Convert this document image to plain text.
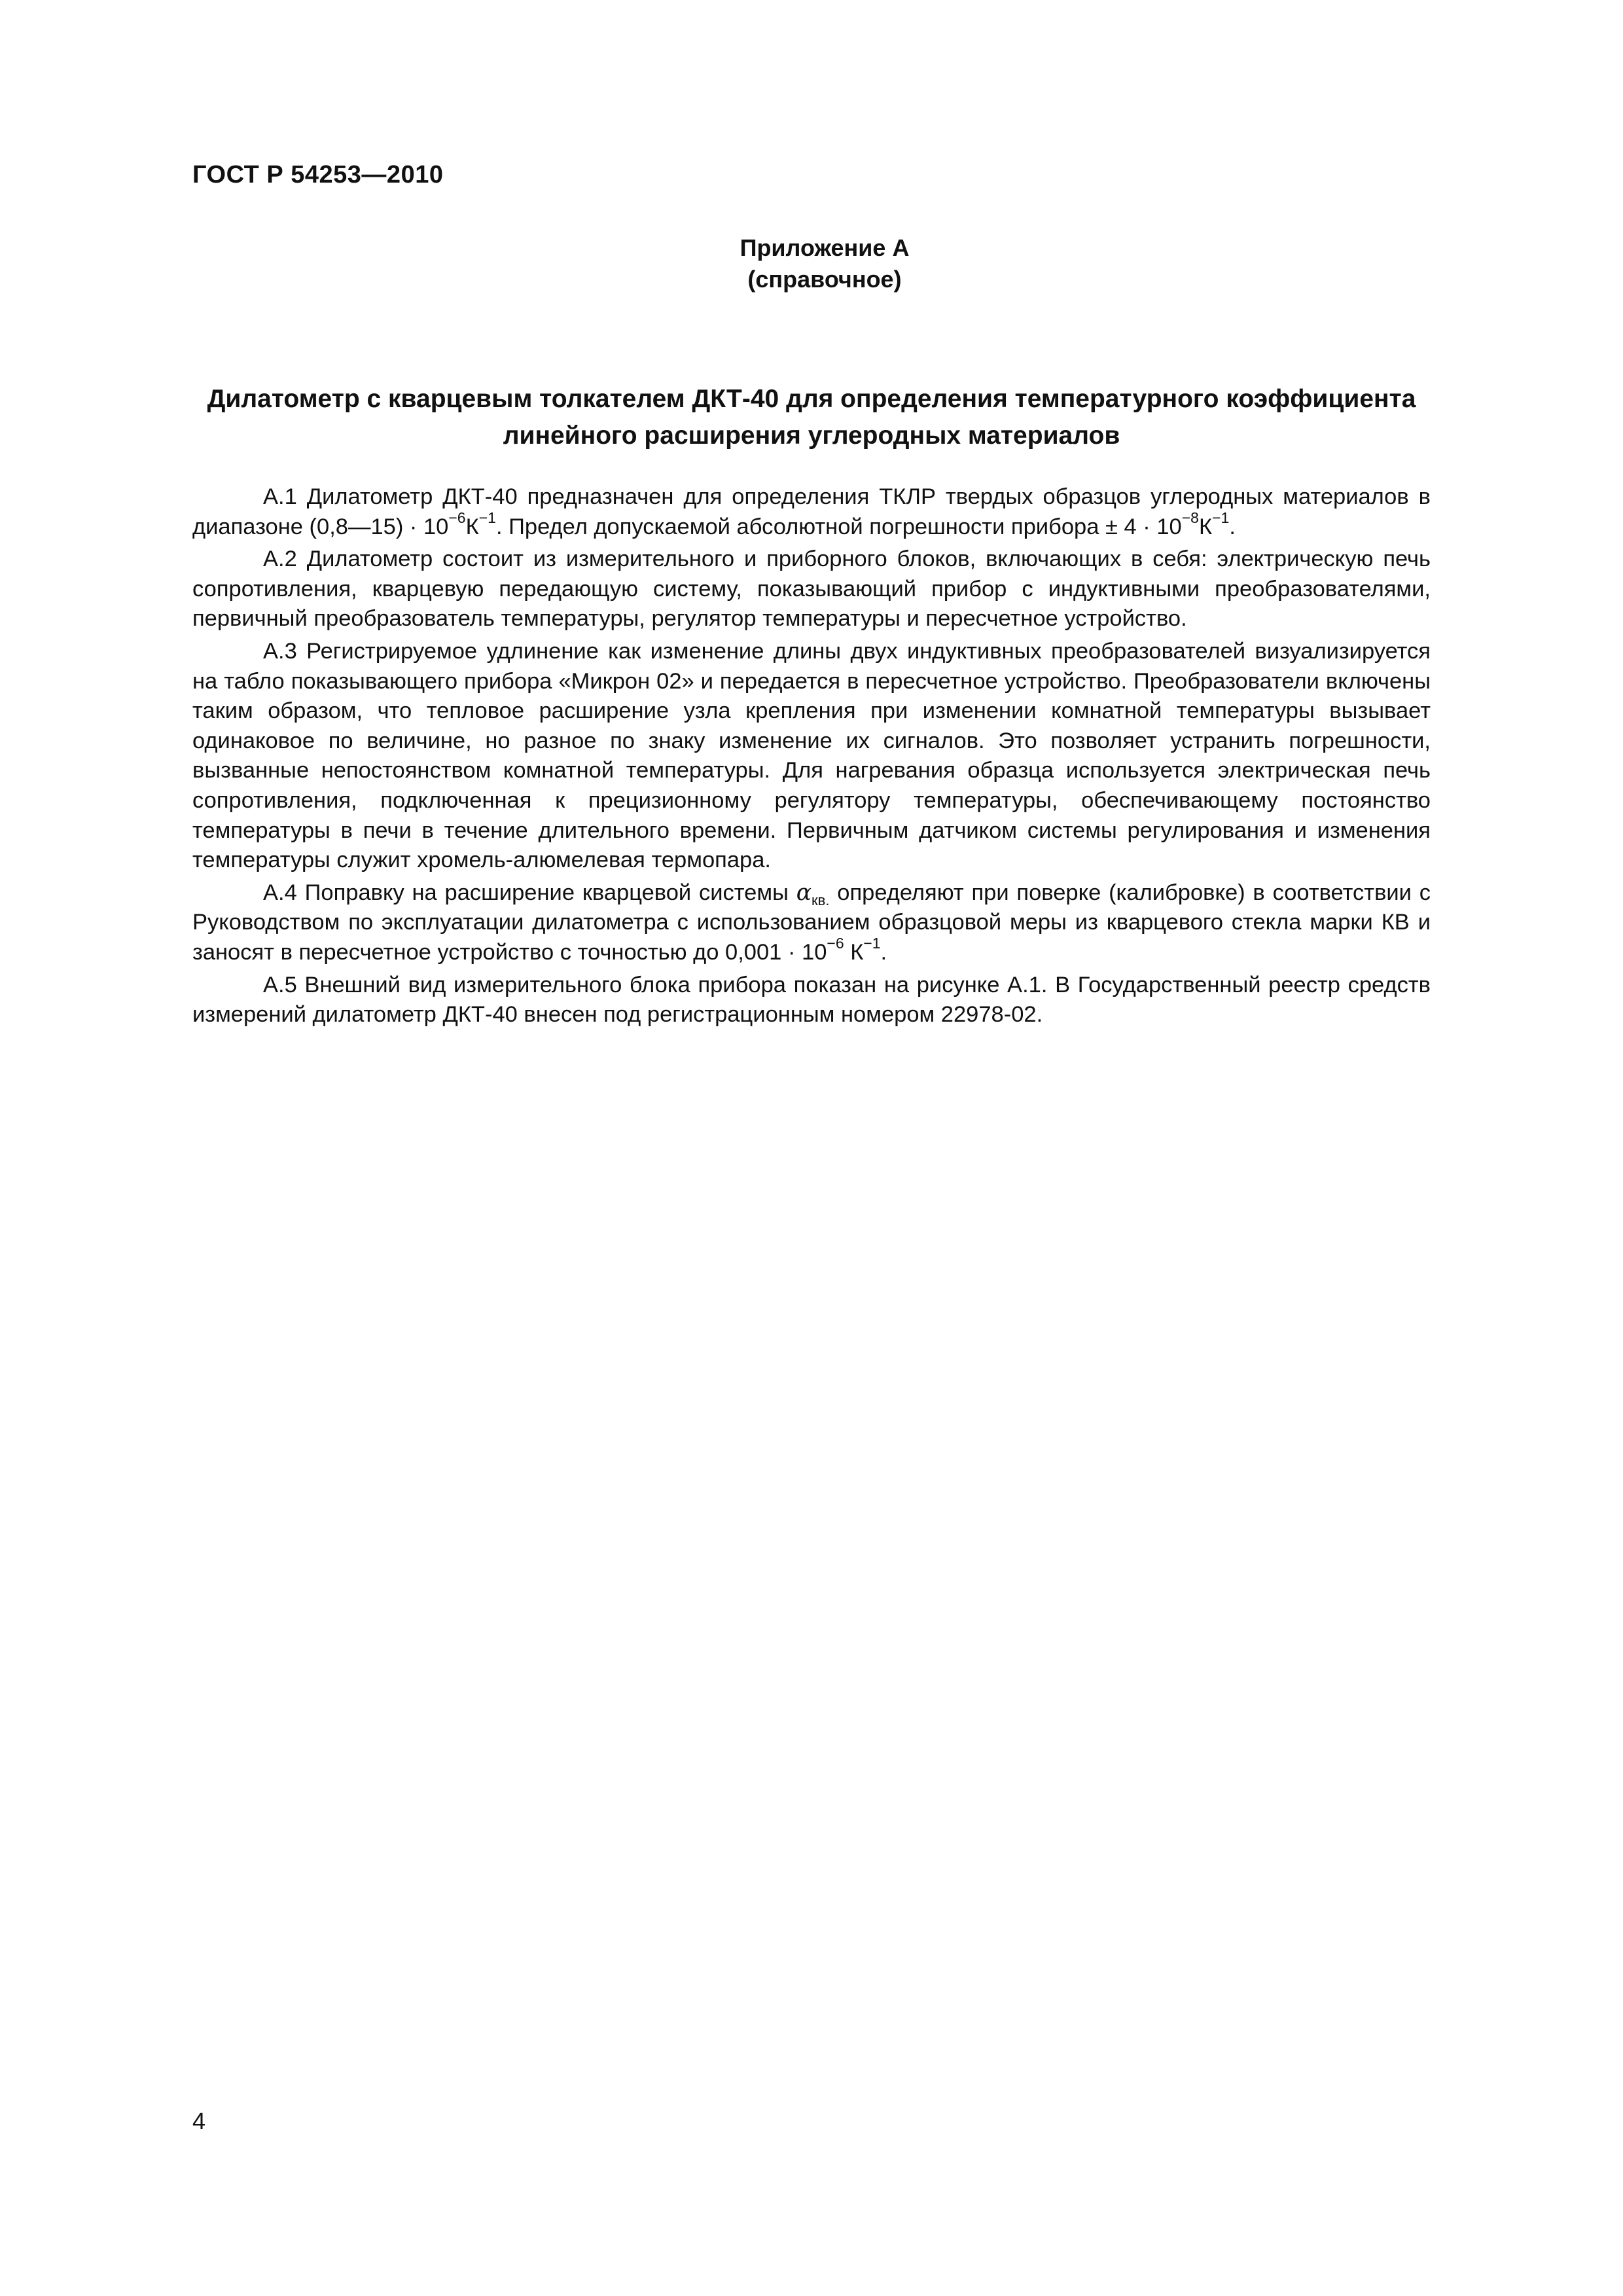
ГОСТ Р 54253—2010
Приложение А
(справочное)
Дилатометр с кварцевым толкателем ДКТ-40 для определения температурного коэффициента
линейного расширения углеродных материалов

А.1 Дилатометр ДКТ-40 предназначен для определения ТКЛР твердых образцов углеродных материалов в диапазоне (0,8—15) · $10^{-6}К^{-1}$. Предел допускаемой абсолютной погрешности прибора ± $4 \cdot 10^{-8}К^{-1}$.

А.2 Дилатометр состоит из измерительного и приборного блоков, включающих в себя: электрическую печь сопротивления, кварцевую передающую систему, показывающий прибор с индуктивными преобразователями, первичный преобразователь температуры, регулятор температуры и пересчетное устройство.

А.3 Регистрируемое удлинение как изменение длины двух индуктивных преобразователей визуализируется на табло показывающего прибора «Микрон 02» и передается в пересчетное устройство. Преобразователи включены таким образом, что тепловое расширение узла крепления при изменении комнатной температуры вызывает одинаковое по величине, но разное по знаку изменение их сигналов. Это позволяет устранить погрешности, вызванные непостоянством комнатной температуры. Для нагревания образца используется электрическая печь сопротивления, подключенная к прецизионному регулятору температуры, обеспечивающему постоянство температуры в печи в течение длительного времени. Первичным датчиком системы регулирования и изменения температуры служит хромель-алюмелевая термопара.

А.4 Поправку на расширение кварцевой системы $\alpha_{кв.}$ определяют при поверке (калибровке) в соответствии с Руководством по эксплуатации дилатометра с использованием образцовой меры из кварцевого стекла марки КВ и заносят в пересчетное устройство с точностью до $0,001 \cdot 10^{-6}$ $К^{-1}$.

А.5 Внешний вид измерительного блока прибора показан на рисунке А.1. В Государственный реестр средств измерений дилатометр ДКТ-40 внесен под регистрационным номером 22978-02.

4
